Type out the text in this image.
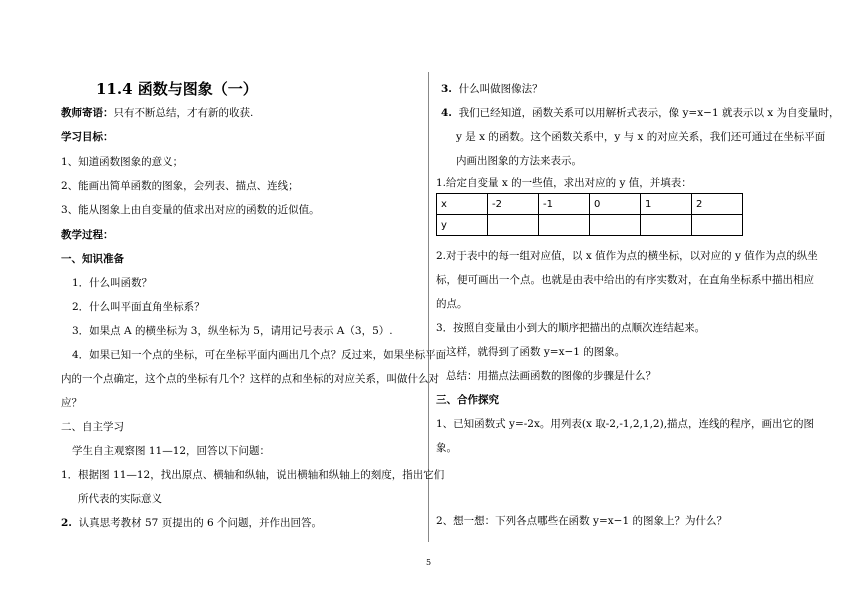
11.4 函数与图象（一）
教师寄语：只有不断总结，才有新的收获.
学习目标：
1、知道函数图象的意义；
2、能画出简单函数的图象，会列表、描点、连线；
3、能从图象上由自变量的值求出对应的函数的近似值。
教学过程：
一、知识准备
1．什么叫函数？
2．什么叫平面直角坐标系？
3．如果点 A 的横坐标为 3，纵坐标为 5，请用记号表示 A（3，5）.
4．如果已知一个点的坐标，可在坐标平面内画出几个点？反过来，如果坐标平面
内的一个点确定，这个点的坐标有几个？这样的点和坐标的对应关系，叫做什么对
应？
二、自主学习
学生自主观察图 11—12，回答以下问题：
1．根据图 11—12，找出原点、横轴和纵轴，说出横轴和纵轴上的刻度，指出它们
所代表的实际意义
2. 认真思考教材 57 页提出的 6 个问题，并作出回答。
3. 什么叫做图像法？
4. 我们已经知道，函数关系可以用解析式表示，像 y=x−1 就表示以 x 为自变量时，
y 是 x 的函数。这个函数关系中，y 与 x 的对应关系，我们还可通过在坐标平面
内画出图象的方法来表示。
1.给定自变量 x 的一些值，求出对应的 y 值，并填表：
x	-2	-1	0	1	2
y					
2.对于表中的每一组对应值，以 x 值作为点的横坐标，以对应的 y 值作为点的纵坐
标，便可画出一个点。也就是由表中给出的有序实数对，在直角坐标系中描出相应
的点。
3．按照自变量由小到大的顺序把描出的点顺次连结起来。
这样，就得到了函数 y=x−1 的图象。
总结：用描点法画函数的图像的步骤是什么？
三、合作探究
1、已知函数式 y=-2x。用列表(x 取-2,-1,2,1,2),描点，连线的程序，画出它的图
象。
2、想一想：下列各点哪些在函数 y=x−1 的图象上？为什么？
5
